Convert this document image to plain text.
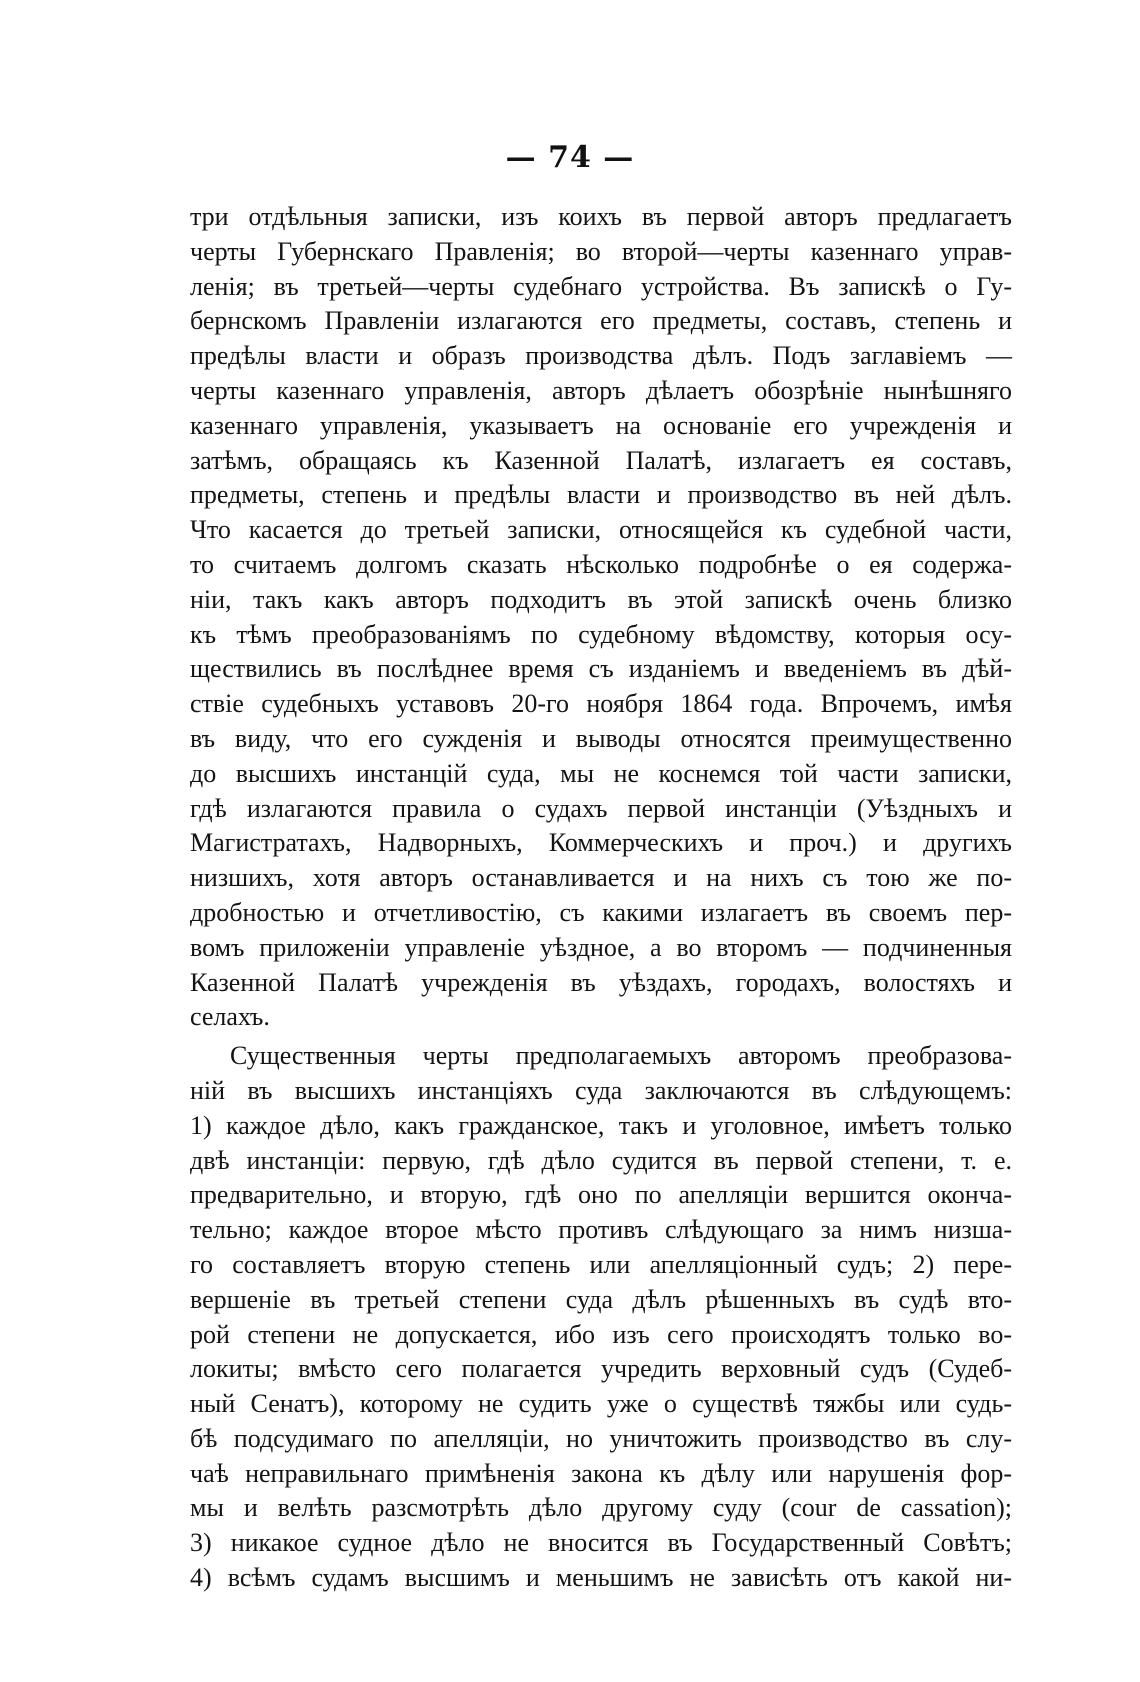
— 74 —
три отдѣльныя записки, изъ коихъ въ первой авторъ предлагаетъ
черты Губернскаго Правленія; во второй—черты казеннаго управ-
ленія; въ третьей—черты судебнаго устройства. Въ запискѣ о Гу-
бернскомъ Правленіи излагаются его предметы, составъ, степень и
предѣлы власти и образъ производства дѣлъ. Подъ заглавіемъ —
черты казеннаго управленія, авторъ дѣлаетъ обозрѣніе нынѣшняго
казеннаго управленія, указываетъ на основаніе его учрежденія и
затѣмъ, обращаясь къ Казенной Палатѣ, излагаетъ ея составъ,
предметы, степень и предѣлы власти и производство въ ней дѣлъ.
Что касается до третьей записки, относящейся къ судебной части,
то считаемъ долгомъ сказать нѣсколько подробнѣе о ея содержа-
ніи, такъ какъ авторъ подходитъ въ этой запискѣ очень близко
къ тѣмъ преобразованіямъ по судебному вѣдомству, которыя осу-
ществились въ послѣднее время съ изданіемъ и введеніемъ въ дѣй-
ствіе судебныхъ уставовъ 20-го ноября 1864 года. Впрочемъ, имѣя
въ виду, что его сужденія и выводы относятся преимущественно
до высшихъ инстанцій суда, мы не коснемся той части записки,
гдѣ излагаются правила о судахъ первой инстанціи (Уѣздныхъ и
Магистратахъ, Надворныхъ, Коммерческихъ и проч.) и другихъ
низшихъ, хотя авторъ останавливается и на нихъ съ тою же по-
дробностью и отчетливостію, съ какими излагаетъ въ своемъ пер-
вомъ приложеніи управленіе уѣздное, а во второмъ — подчиненныя
Казенной Палатѣ учрежденія въ уѣздахъ, городахъ, волостяхъ и
селахъ.
Существенныя черты предполагаемыхъ авторомъ преобразова-
ній въ высшихъ инстанціяхъ суда заключаются въ слѣдующемъ:
1) каждое дѣло, какъ гражданское, такъ и уголовное, имѣетъ только
двѣ инстанціи: первую, гдѣ дѣло судится въ первой степени, т. е.
предварительно, и вторую, гдѣ оно по апелляціи вершится оконча-
тельно; каждое второе мѣсто противъ слѣдующаго за нимъ низша-
го составляетъ вторую степень или апелляціонный судъ; 2) пере-
вершеніе въ третьей степени суда дѣлъ рѣшенныхъ въ судѣ вто-
рой степени не допускается, ибо изъ сего происходятъ только во-
локиты; вмѣсто сего полагается учредить верховный судъ (Судеб-
ный Сенатъ), которому не судить уже о существѣ тяжбы или судь-
бѣ подсудимаго по апелляціи, но уничтожить производство въ слу-
чаѣ неправильнаго примѣненія закона къ дѣлу или нарушенія фор-
мы и велѣть разсмотрѣть дѣло другому суду (cour de cassation);
3) никакое судное дѣло не вносится въ Государственный Совѣтъ;
4) всѣмъ судамъ высшимъ и меньшимъ не зависѣть отъ какой ни-
